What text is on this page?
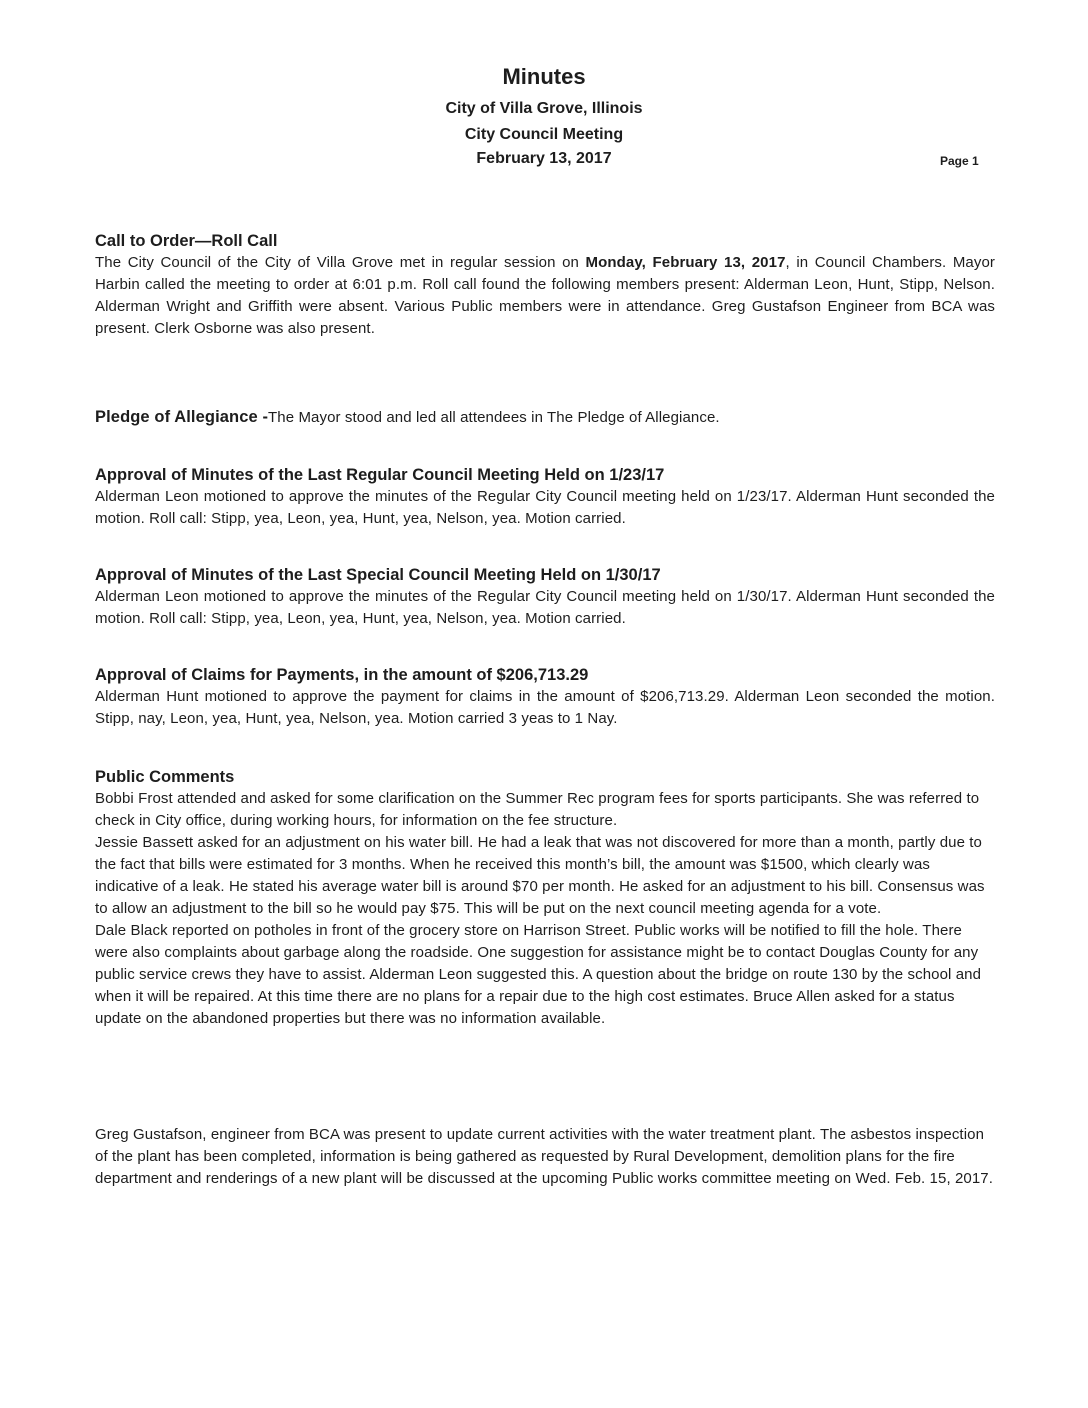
Minutes
City of Villa Grove, Illinois
City Council Meeting
February 13, 2017	Page 1

Call to Order—Roll Call

The City Council of the City of Villa Grove met in regular session on Monday, February 13, 2017, in Council Chambers. Mayor Harbin called the meeting to order at 6:01 p.m. Roll call found the following members present: Alderman Leon, Hunt, Stipp, Nelson. Alderman Wright and Griffith were absent. Various Public members were in attendance. Greg Gustafson Engineer from BCA was present. Clerk Osborne was also present.

Pledge of Allegiance -The Mayor stood and led all attendees in The Pledge of Allegiance.

Approval of Minutes of the Last Regular Council Meeting Held on 1/23/17

Alderman Leon motioned to approve the minutes of the Regular City Council meeting held on 1/23/17. Alderman Hunt seconded the motion. Roll call: Stipp, yea, Leon, yea, Hunt, yea, Nelson, yea. Motion carried.

Approval of Minutes of the Last Special Council Meeting Held on 1/30/17

Alderman Leon motioned to approve the minutes of the Regular City Council meeting held on 1/30/17. Alderman Hunt seconded the motion. Roll call: Stipp, yea, Leon, yea, Hunt, yea, Nelson, yea. Motion carried.

Approval of Claims for Payments, in the amount of $206,713.29

Alderman Hunt motioned to approve the payment for claims in the amount of $206,713.29. Alderman Leon seconded the motion. Stipp, nay, Leon, yea, Hunt, yea, Nelson, yea. Motion carried 3 yeas to 1 Nay.

Public Comments

Bobbi Frost attended and asked for some clarification on the Summer Rec program fees for sports participants. She was referred to check in City office, during working hours, for information on the fee structure.

Jessie Bassett asked for an adjustment on his water bill. He had a leak that was not discovered for more than a month, partly due to the fact that bills were estimated for 3 months. When he received this month’s bill, the amount was $1500, which clearly was indicative of a leak. He stated his average water bill is around $70 per month. He asked for an adjustment to his bill. Consensus was to allow an adjustment to the bill so he would pay $75. This will be put on the next council meeting agenda for a vote.

Dale Black reported on potholes in front of the grocery store on Harrison Street. Public works will be notified to fill the hole. There were also complaints about garbage along the roadside. One suggestion for assistance might be to contact Douglas County for any public service crews they have to assist. Alderman Leon suggested this. A question about the bridge on route 130 by the school and when it will be repaired. At this time there are no plans for a repair due to the high cost estimates. Bruce Allen asked for a status update on the abandoned properties but there was no information available.

Greg Gustafson, engineer from BCA was present to update current activities with the water treatment plant. The asbestos inspection of the plant has been completed, information is being gathered as requested by Rural Development, demolition plans for the fire department and renderings of a new plant will be discussed at the upcoming Public works committee meeting on Wed. Feb. 15, 2017.
